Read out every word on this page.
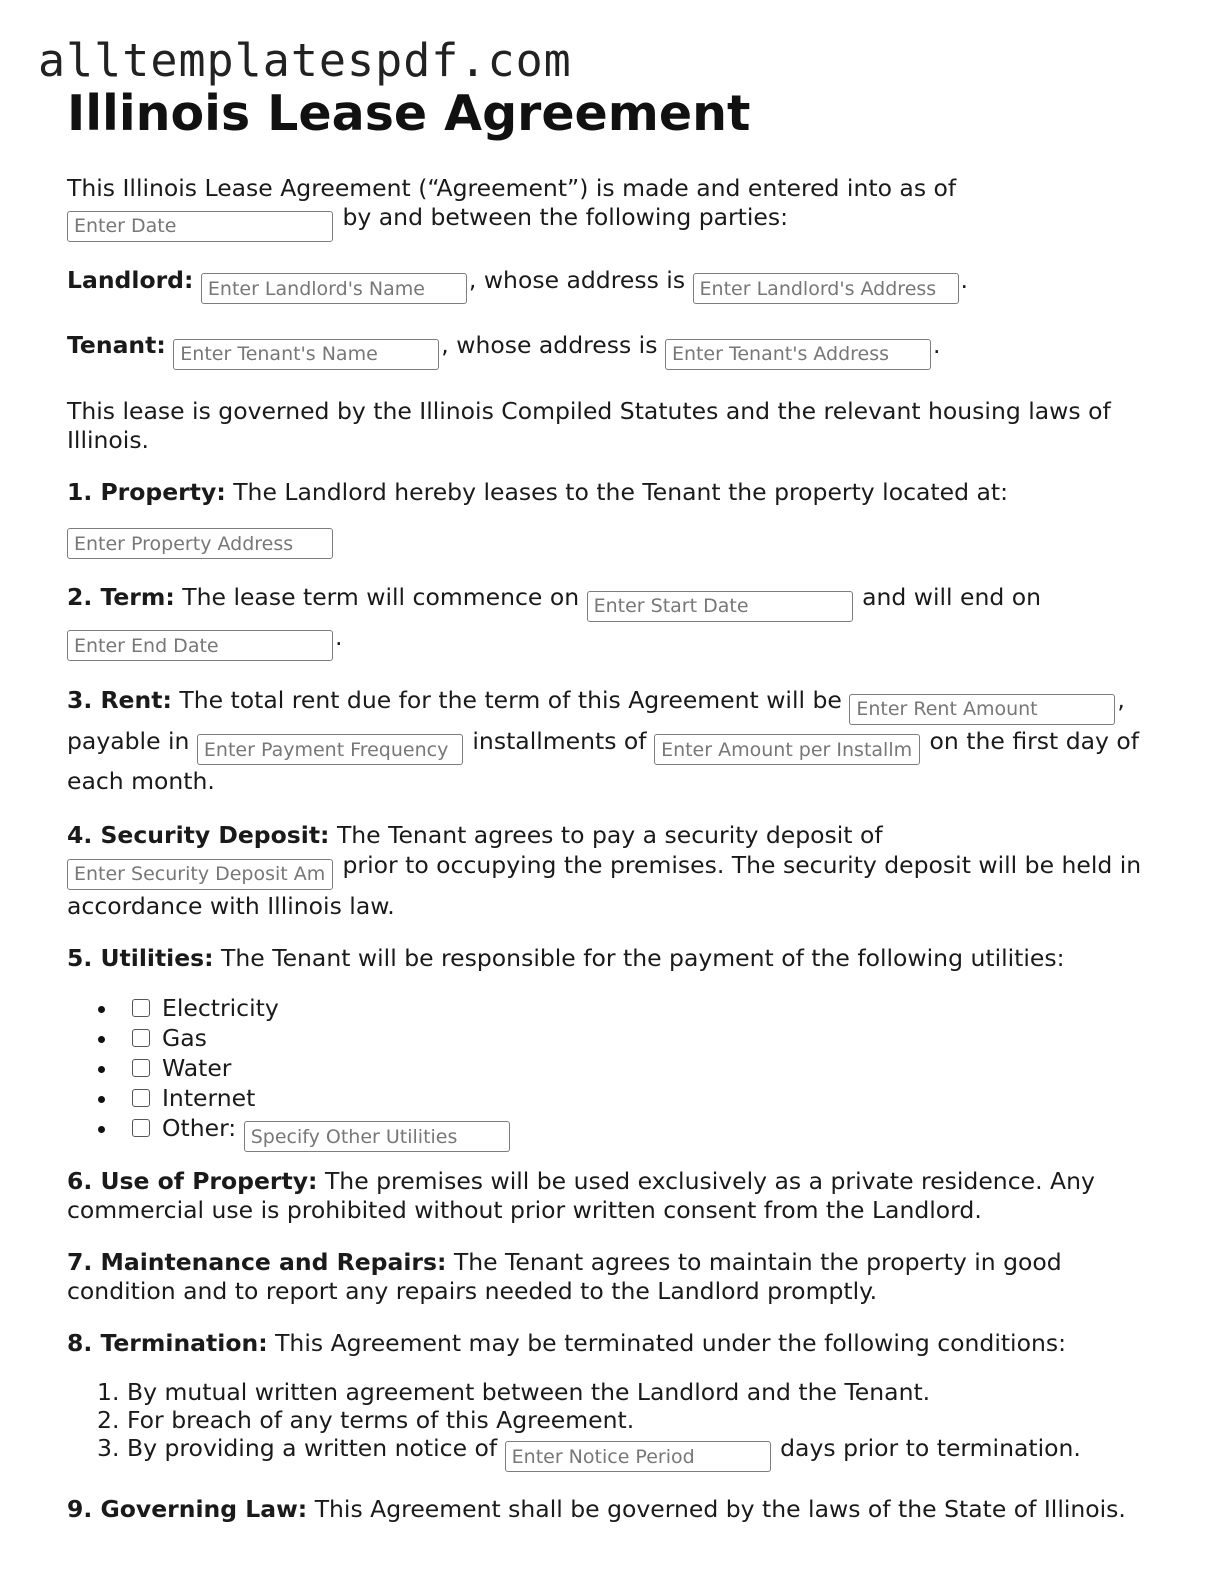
alltemplatespdf.com
Illinois Lease Agreement

This Illinois Lease Agreement (“Agreement”) is made and entered into as of
Enter Date by and between the following parties:

Landlord: Enter Landlord's Name	, whose address is Enter Landlord's Address	.

Tenant: Enter Tenant's Name	, whose address is Enter Tenant's Address	.

This lease is governed by the Illinois Compiled Statutes and the relevant housing laws of Illinois.

1. Property: The Landlord hereby leases to the Tenant the property located at:

Enter Property Address

2. Term: The lease term will commence on Enter Start Date	and will end on
Enter End Date.

3. Rent: The total rent due for the term of this Agreement will be Enter Rent Amount	, payable in Enter Payment Frequency (	installments of Enter Amount per Installm	on the first day of each month.

4. Security Deposit: The Tenant agrees to pay a security deposit of
Enter Security Deposit Am prior to occupying the premises. The security deposit will be held in accordance with Illinois law.

5. Utilities: The Tenant will be responsible for the payment of the following utilities:

Electricity
Gas
Water
Internet
Other: Specify Other Utilities

6. Use of Property: The premises will be used exclusively as a private residence. Any commercial use is prohibited without prior written consent from the Landlord.

7. Maintenance and Repairs: The Tenant agrees to maintain the property in good condition and to report any repairs needed to the Landlord promptly.

8. Termination: This Agreement may be terminated under the following conditions:

1. By mutual written agreement between the Landlord and the Tenant.
2. For breach of any terms of this Agreement.
3. By providing a written notice of Enter Notice Period	days prior to termination.

9. Governing Law: This Agreement shall be governed by the laws of the State of Illinois.
